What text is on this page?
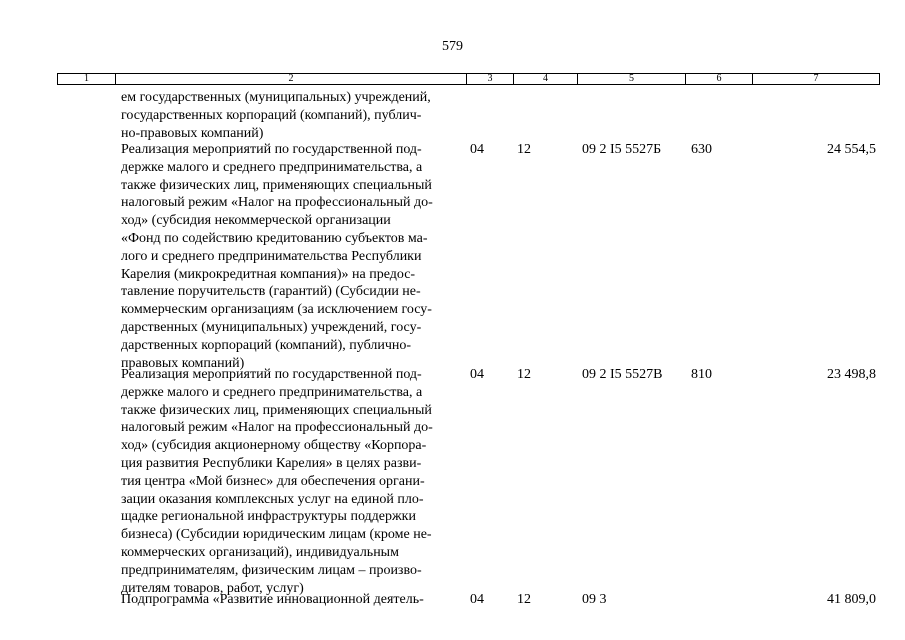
579
1	2	3	4	5	6	7
ем государственных (муниципальных) учреждений,
государственных корпораций (компаний), публич-
но-правовых компаний)
Реализация мероприятий по государственной под-
держке малого и среднего предпринимательства, а
также физических лиц, применяющих специальный
налоговый режим «Налог на профессиональный до-
ход» (субсидия некоммерческой организации
«Фонд по содействию кредитованию субъектов ма-
лого и среднего предпринимательства Республики
Карелия (микрокредитная компания)» на предос-
тавление поручительств (гарантий) (Субсидии не-
коммерческим организациям (за исключением госу-
дарственных (муниципальных) учреждений, госу-
дарственных корпораций (компаний), публично-
правовых компаний)
04 12	09 2 I5 5527Б 630	24 554,5
Реализация мероприятий по государственной под-
держке малого и среднего предпринимательства, а
также физических лиц, применяющих специальный
налоговый режим «Налог на профессиональный до-
ход» (субсидия акционерному обществу «Корпора-
ция развития Республики Карелия» в целях разви-
тия центра «Мой бизнес» для обеспечения органи-
зации оказания комплексных услуг на единой пло-
щадке региональной инфраструктуры поддержки
бизнеса) (Субсидии юридическим лицам (кроме не-
коммерческих организаций), индивидуальным
предпринимателям, физическим лицам – произво-
дителям товаров, работ, услуг)
04 12	09 2 I5 5527В 810	23 498,8
Подпрограмма «Развитие инновационной деятель-	04 12	09 3	41 809,0
